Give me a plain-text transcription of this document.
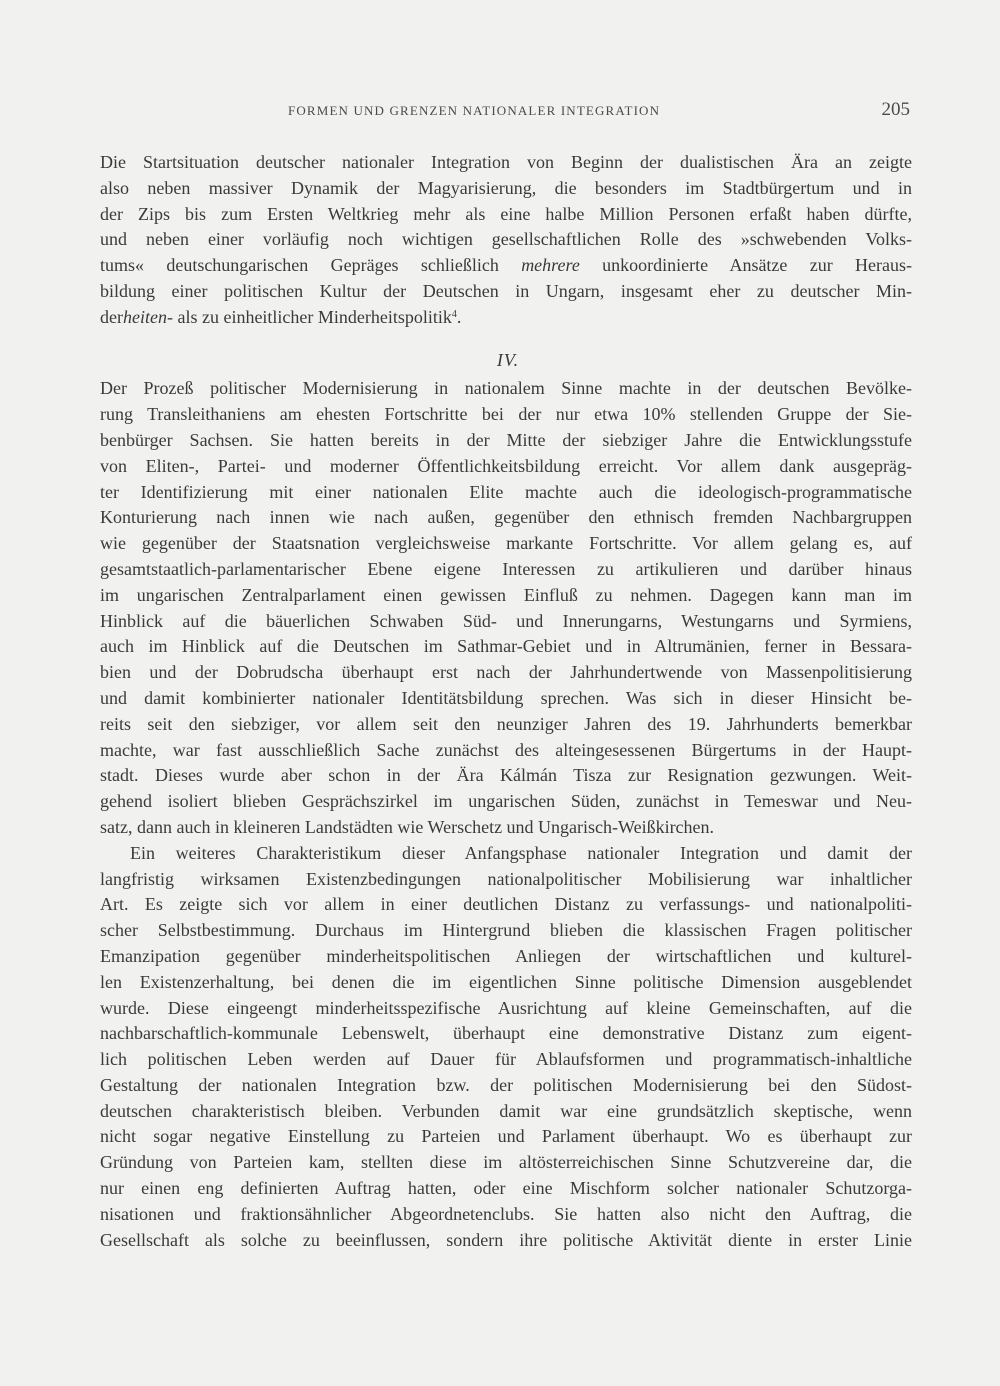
FORMEN UND GRENZEN NATIONALER INTEGRATION	205
Die Startsituation deutscher nationaler Integration von Beginn der dualistischen Ära an zeigte
also neben massiver Dynamik der Magyarisierung, die besonders im Stadtbürgertum und in
der Zips bis zum Ersten Weltkrieg mehr als eine halbe Million Personen erfaßt haben dürfte,
und neben einer vorläufig noch wichtigen gesellschaftlichen Rolle des »schwebenden Volks-
tums« deutschungarischen Gepräges schließlich mehrere unkoordinierte Ansätze zur Heraus-
bildung einer politischen Kultur der Deutschen in Ungarn, insgesamt eher zu deutscher Min-
derheiten- als zu einheitlicher Minderheitspolitik$^4$.
IV.
Der Prozeß politischer Modernisierung in nationalem Sinne machte in der deutschen Bevölke-
rung Transleithaniens am ehesten Fortschritte bei der nur etwa 10% stellenden Gruppe der Sie-
benbürger Sachsen. Sie hatten bereits in der Mitte der siebziger Jahre die Entwicklungsstufe
von Eliten-, Partei- und moderner Öffentlichkeitsbildung erreicht. Vor allem dank ausgepräg-
ter Identifizierung mit einer nationalen Elite machte auch die ideologisch-programmatische
Konturierung nach innen wie nach außen, gegenüber den ethnisch fremden Nachbargruppen
wie gegenüber der Staatsnation vergleichsweise markante Fortschritte. Vor allem gelang es, auf
gesamtstaatlich-parlamentarischer Ebene eigene Interessen zu artikulieren und darüber hinaus
im ungarischen Zentralparlament einen gewissen Einfluß zu nehmen. Dagegen kann man im
Hinblick auf die bäuerlichen Schwaben Süd- und Innerungarns, Westungarns und Syrmiens,
auch im Hinblick auf die Deutschen im Sathmar-Gebiet und in Altrumänien, ferner in Bessara-
bien und der Dobrudscha überhaupt erst nach der Jahrhundertwende von Massenpolitisierung
und damit kombinierter nationaler Identitätsbildung sprechen. Was sich in dieser Hinsicht be-
reits seit den siebziger, vor allem seit den neunziger Jahren des 19. Jahrhunderts bemerkbar
machte, war fast ausschließlich Sache zunächst des alteingesessenen Bürgertums in der Haupt-
stadt. Dieses wurde aber schon in der Ära Kálmán Tisza zur Resignation gezwungen. Weit-
gehend isoliert blieben Gesprächszirkel im ungarischen Süden, zunächst in Temeswar und Neu-
satz, dann auch in kleineren Landstädten wie Werschetz und Ungarisch-Weißkirchen.
Ein weiteres Charakteristikum dieser Anfangsphase nationaler Integration und damit der
langfristig wirksamen Existenzbedingungen nationalpolitischer Mobilisierung war inhaltlicher
Art. Es zeigte sich vor allem in einer deutlichen Distanz zu verfassungs- und nationalpoliti-
scher Selbstbestimmung. Durchaus im Hintergrund blieben die klassischen Fragen politischer
Emanzipation gegenüber minderheitspolitischen Anliegen der wirtschaftlichen und kulturel-
len Existenzerhaltung, bei denen die im eigentlichen Sinne politische Dimension ausgeblendet
wurde. Diese eingeengt minderheitsspezifische Ausrichtung auf kleine Gemeinschaften, auf die
nachbarschaftlich-kommunale Lebenswelt, überhaupt eine demonstrative Distanz zum eigent-
lich politischen Leben werden auf Dauer für Ablaufsformen und programmatisch-inhaltliche
Gestaltung der nationalen Integration bzw. der politischen Modernisierung bei den Südost-
deutschen charakteristisch bleiben. Verbunden damit war eine grundsätzlich skeptische, wenn
nicht sogar negative Einstellung zu Parteien und Parlament überhaupt. Wo es überhaupt zur
Gründung von Parteien kam, stellten diese im altösterreichischen Sinne Schutzvereine dar, die
nur einen eng definierten Auftrag hatten, oder eine Mischform solcher nationaler Schutzorga-
nisationen und fraktionsähnlicher Abgeordnetenclubs. Sie hatten also nicht den Auftrag, die
Gesellschaft als solche zu beeinflussen, sondern ihre politische Aktivität diente in erster Linie
